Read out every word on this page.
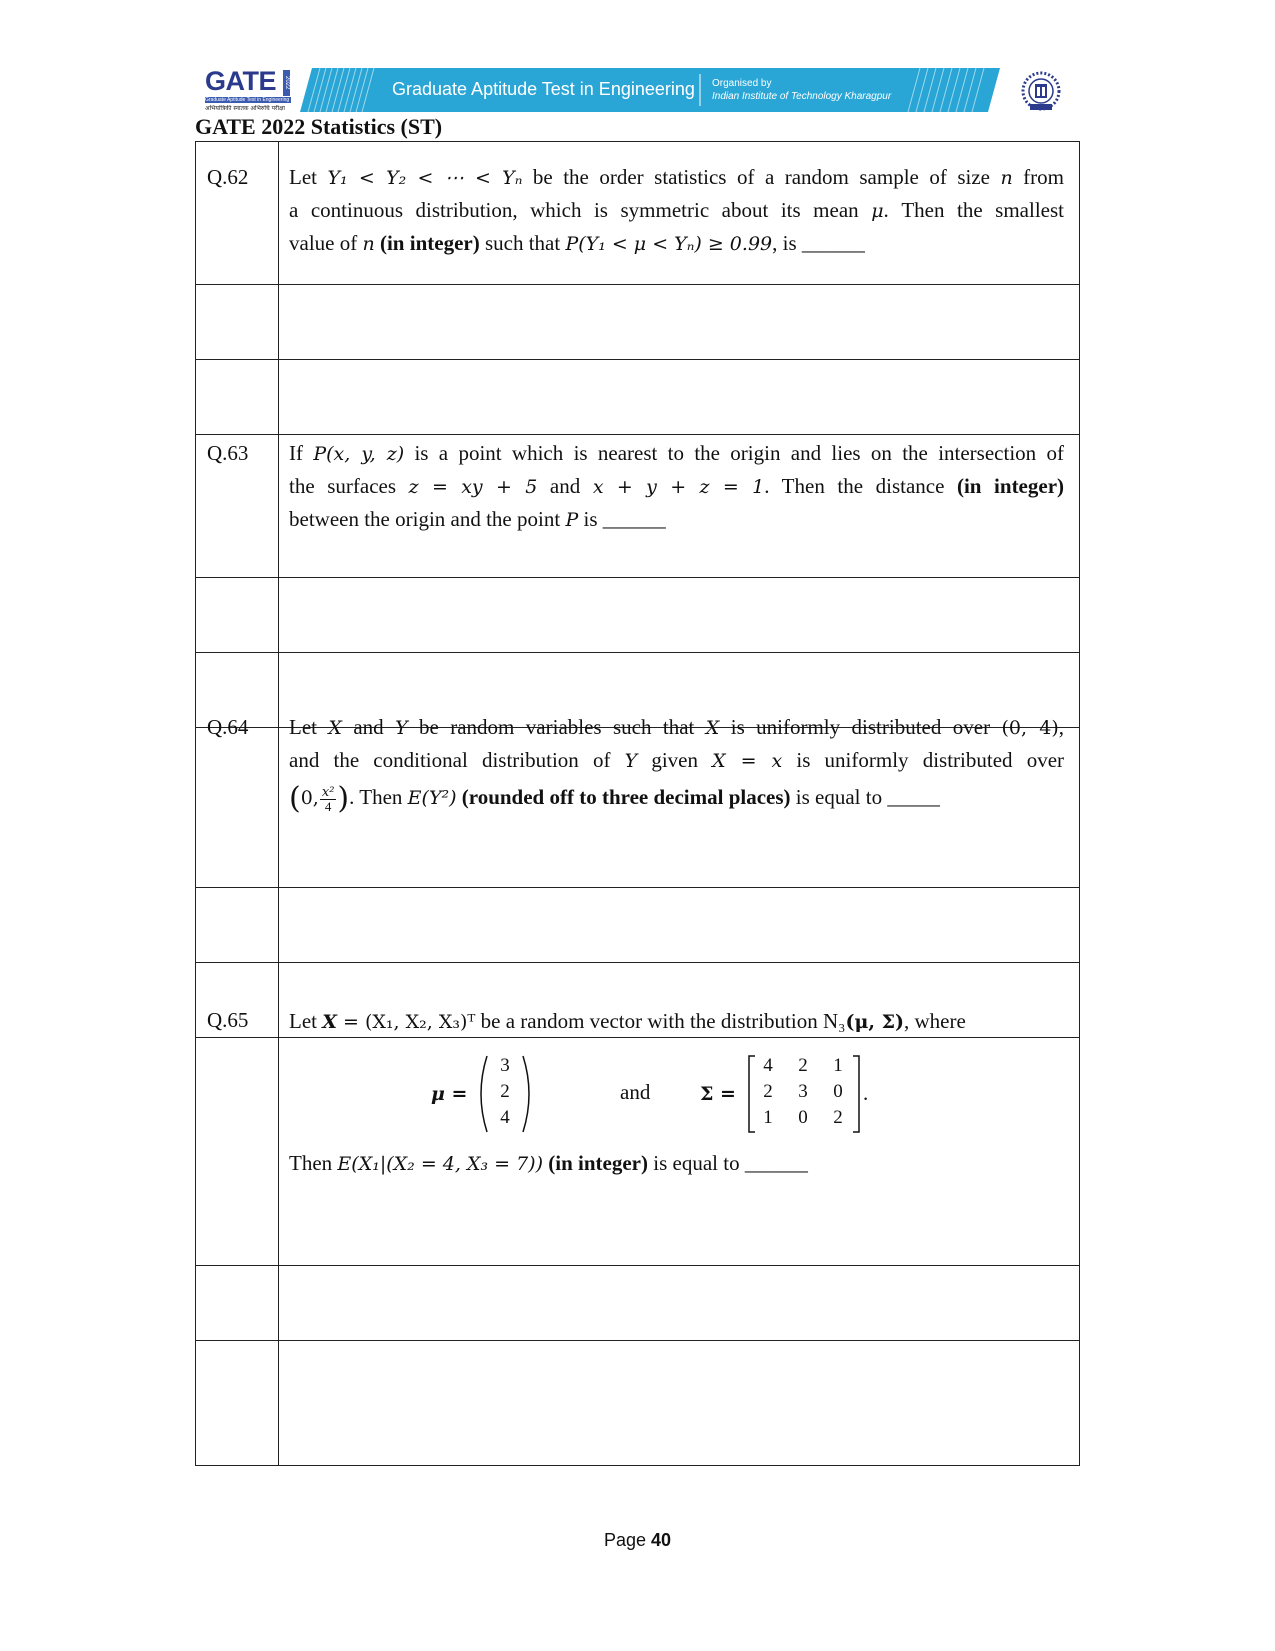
GATE	2022
Graduate Aptitude Test in Engineering
अभियांत्रिकी स्नातक अभिरुचि परीक्षा
Graduate Aptitude Test in Engineering Organised by
Indian Institute of Technology Kharagpur
GATE 2022 Statistics (ST)
Q.62 Let Y₁ < Y₂ < ⋯ < Yₙ be the order statistics of a random sample of size n from
a continuous distribution, which is symmetric about its mean μ. Then the smallest
value of n (in integer) such that P(Y₁ < μ < Yₙ) ≥ 0.99, is ______
Q.63 If P(x, y, z) is a point which is nearest to the origin and lies on the intersection of
the surfaces z = xy + 5 and x + y + z = 1. Then the distance (in integer)
between the origin and the point P is ______
Q.64 Let X and Y be random variables such that X is uniformly distributed over (0, 4),
and the conditional distribution of Y given X = x is uniformly distributed over
(0, $\frac{\text{x²}}{4}$ ). Then E(Y²) (rounded off to three decimal places) is equal to _____
Q.65 Let X = (X₁, X₂, X₃)ᵀ be a random vector with the distribution N₃(μ, Σ), where
μ =
3
2
4
and	Σ =
4	2	1
2	3	0
1	0	2
.
Then E(X₁|(X₂ = 4, X₃ = 7)) (in integer) is equal to ______
Page 40
